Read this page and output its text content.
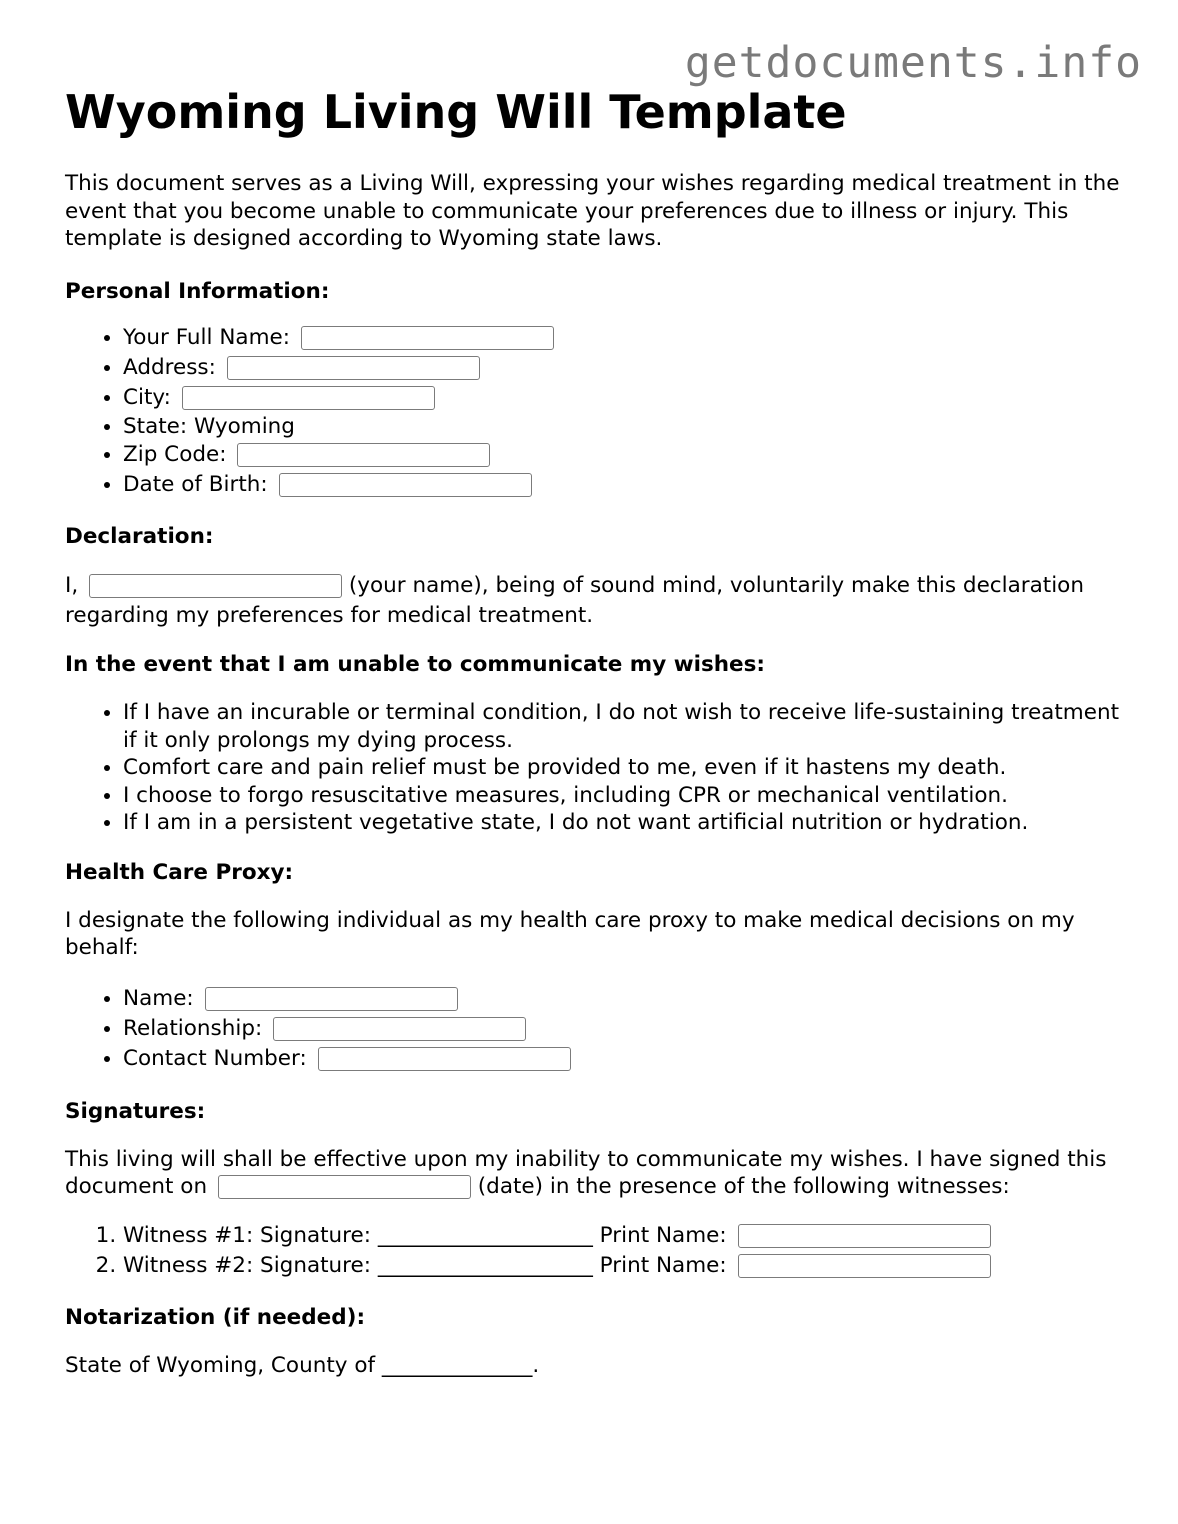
getdocuments.info
Wyoming Living Will Template

This document serves as a Living Will, expressing your wishes regarding medical treatment in the event that you become unable to communicate your preferences due to illness or injury. This template is designed according to Wyoming state laws.

Personal Information:

• Your Full Name:
• Address:
• City:
• State: Wyoming
• Zip Code:
• Date of Birth:

Declaration:

I,	(your name), being of sound mind, voluntarily make this declaration regarding my preferences for medical treatment.

In the event that I am unable to communicate my wishes:

• If I have an incurable or terminal condition, I do not wish to receive life-sustaining treatment if it only prolongs my dying process.
• Comfort care and pain relief must be provided to me, even if it hastens my death.
• I choose to forgo resuscitative measures, including CPR or mechanical ventilation.
• If I am in a persistent vegetative state, I do not want artificial nutrition or hydration.

Health Care Proxy:

I designate the following individual as my health care proxy to make medical decisions on my behalf:

• Name:
• Relationship:
• Contact Number:

Signatures:

This living will shall be effective upon my inability to communicate my wishes. I have signed this document on	(date) in the presence of the following witnesses:

1. Witness #1: Signature: ____________________ Print Name:
2. Witness #2: Signature: ____________________ Print Name:

Notarization (if needed):

State of Wyoming, County of ______________.
